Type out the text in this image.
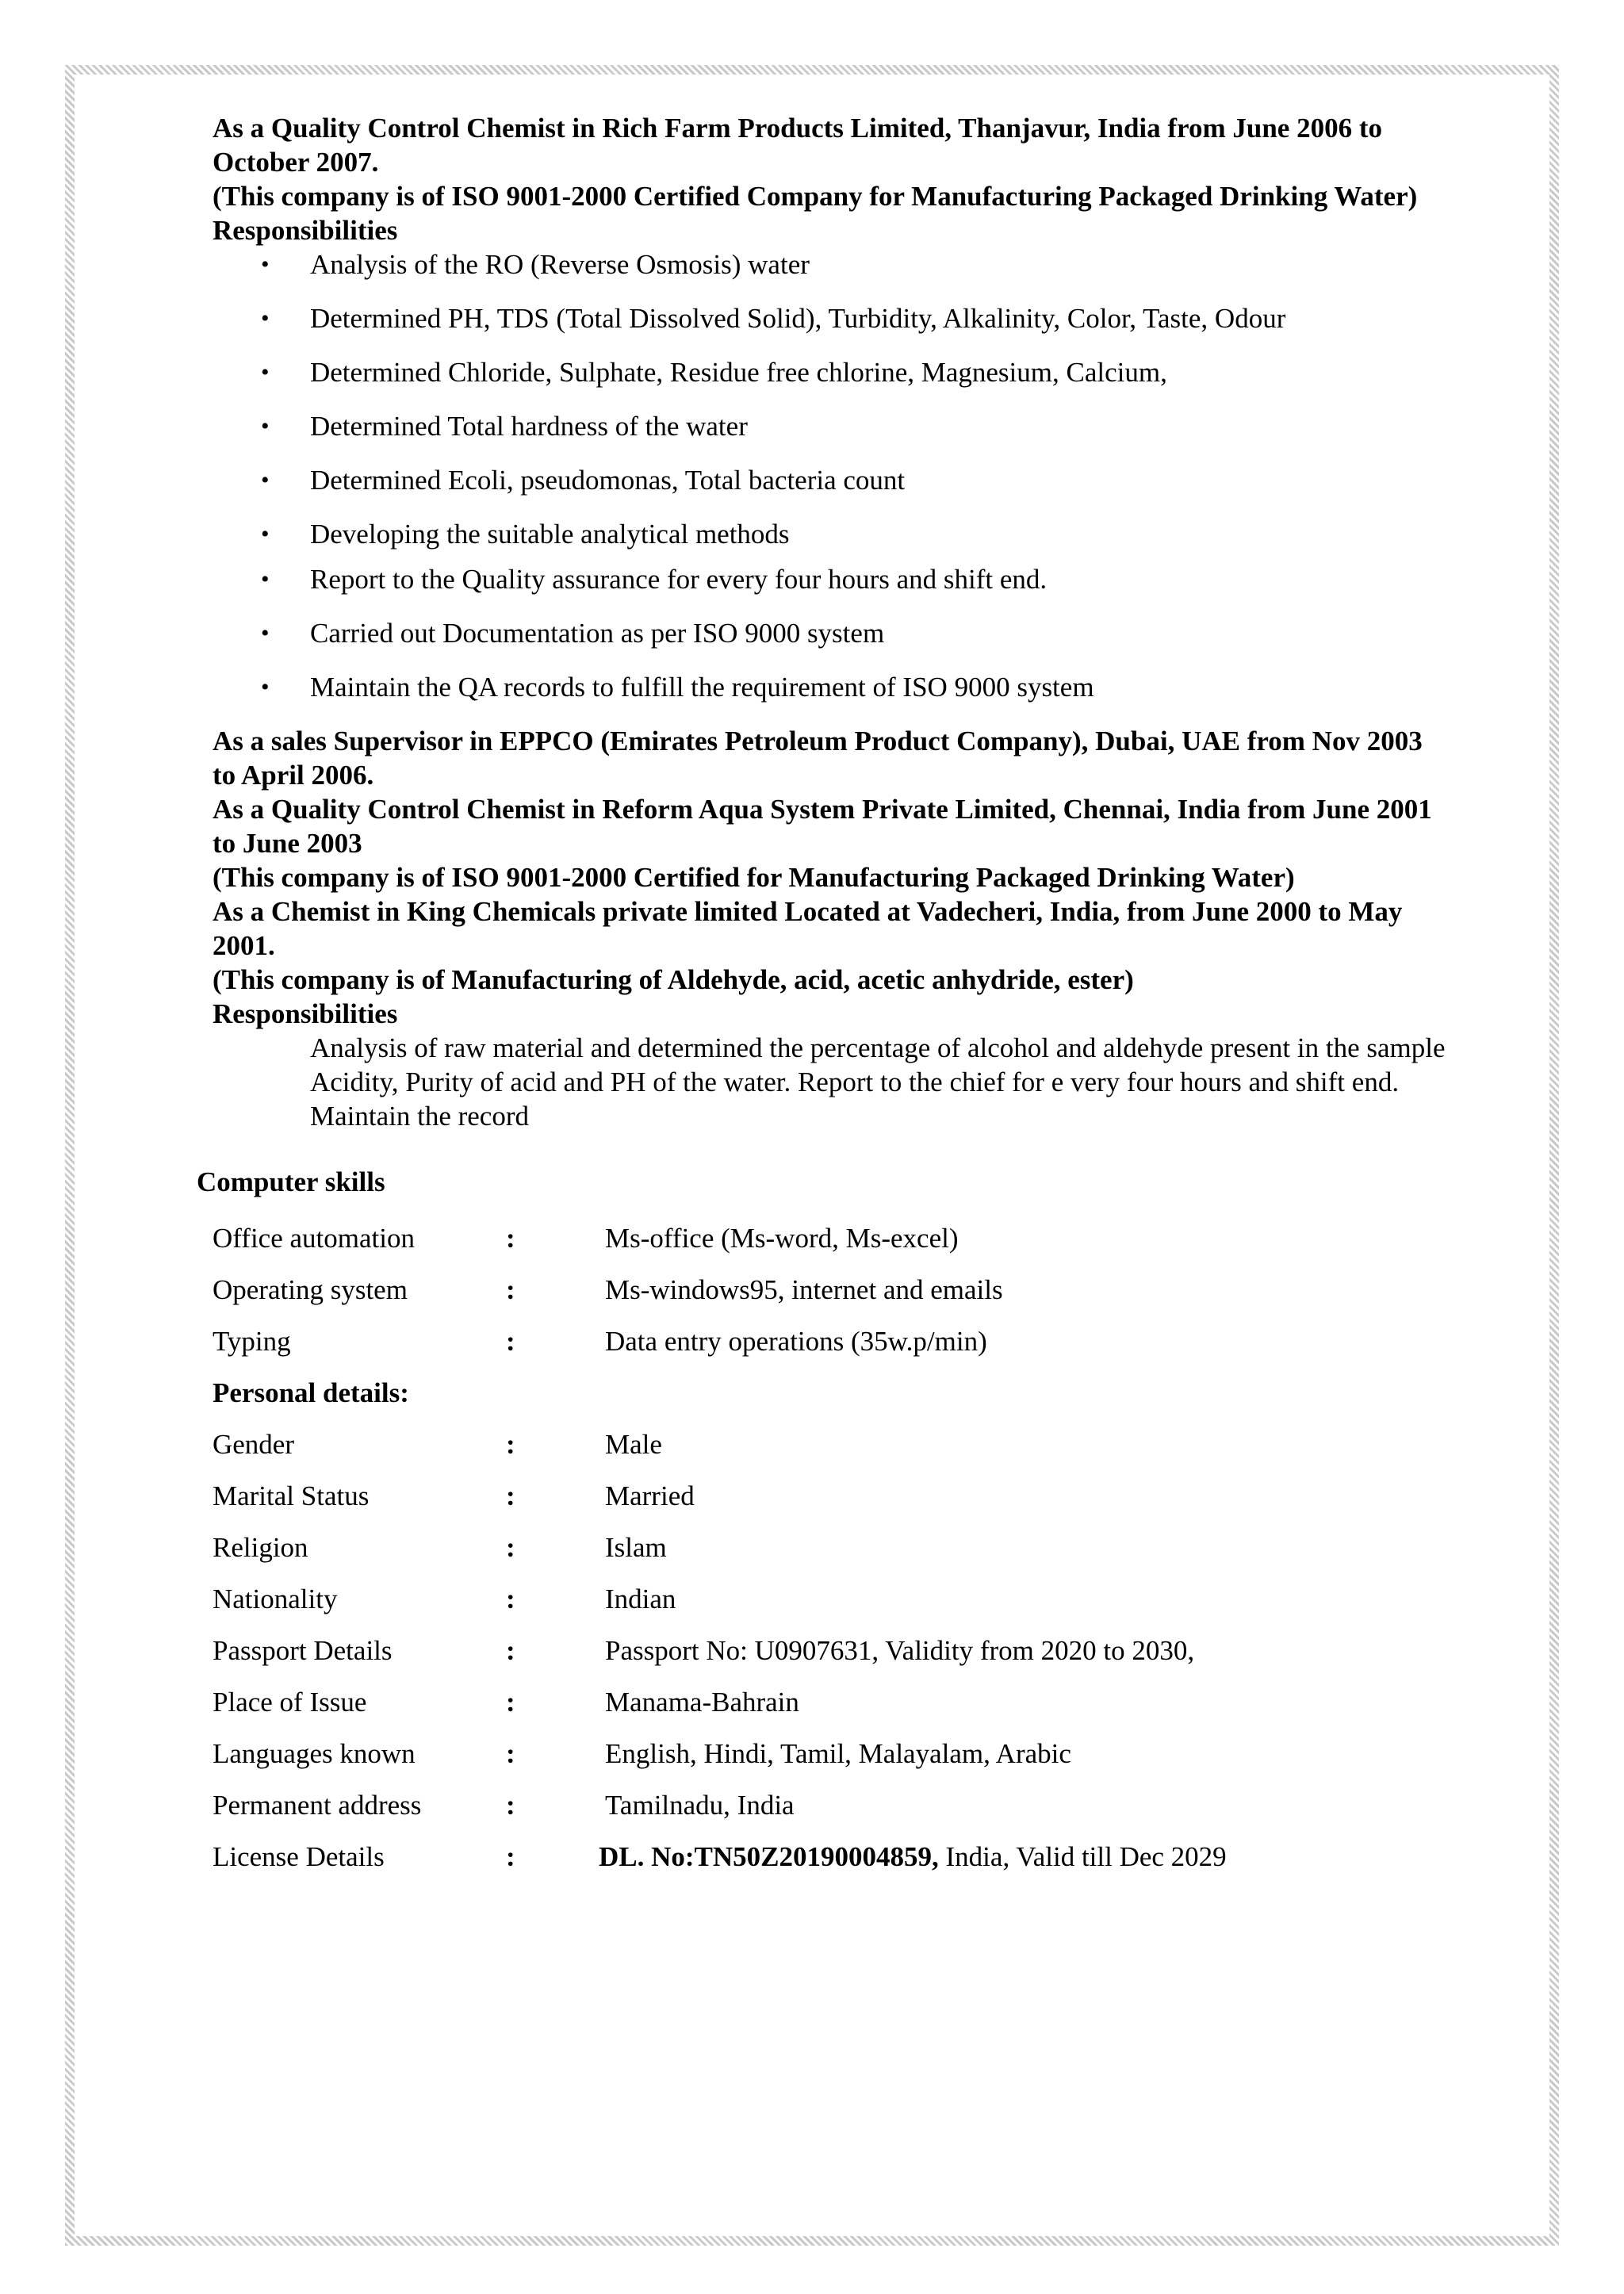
As a Quality Control Chemist in Rich Farm Products Limited, Thanjavur, India from June 2006 to October 2007.

(This company is of ISO 9001-2000 Certified Company for Manufacturing Packaged Drinking Water)

Responsibilities

• Analysis of the RO (Reverse Osmosis) water
• Determined PH, TDS (Total Dissolved Solid), Turbidity, Alkalinity, Color, Taste, Odour
• Determined Chloride, Sulphate, Residue free chlorine, Magnesium, Calcium,
• Determined Total hardness of the water
• Determined Ecoli, pseudomonas, Total bacteria count
• Developing the suitable analytical methods
• Report to the Quality assurance for every four hours and shift end.
• Carried out Documentation as per ISO 9000 system
• Maintain the QA records to fulfill the requirement of ISO 9000 system

As a sales Supervisor in EPPCO (Emirates Petroleum Product Company), Dubai, UAE from Nov 2003 to April 2006.

As a Quality Control Chemist in Reform Aqua System Private Limited, Chennai, India from June 2001 to June 2003

(This company is of ISO 9001-2000 Certified for Manufacturing Packaged Drinking Water)

As a Chemist in King Chemicals private limited Located at Vadecheri, India, from June 2000 to May 2001.

(This company is of Manufacturing of Aldehyde, acid, acetic anhydride, ester)

Responsibilities

Analysis of raw material and determined the percentage of alcohol and aldehyde present in the sample

Acidity, Purity of acid and PH of the water. Report to the chief for e very four hours and shift end. Maintain the record

Computer skills

Office automation	:	Ms-office (Ms-word, Ms-excel)
Operating system	:	Ms-windows95, internet and emails
Typing	:	Data entry operations (35w.p/min)
Personal details:
Gender	:	Male
Marital Status	:	Married
Religion	:	Islam
Nationality	:	Indian
Passport Details	:	Passport No: U0907631, Validity from 2020 to 2030,
Place of Issue	:	Manama-Bahrain
Languages known	:	English, Hindi, Tamil, Malayalam, Arabic
Permanent address	:	Tamilnadu, India
License Details	:	DL. No:TN50Z20190004859, India, Valid till Dec 2029
